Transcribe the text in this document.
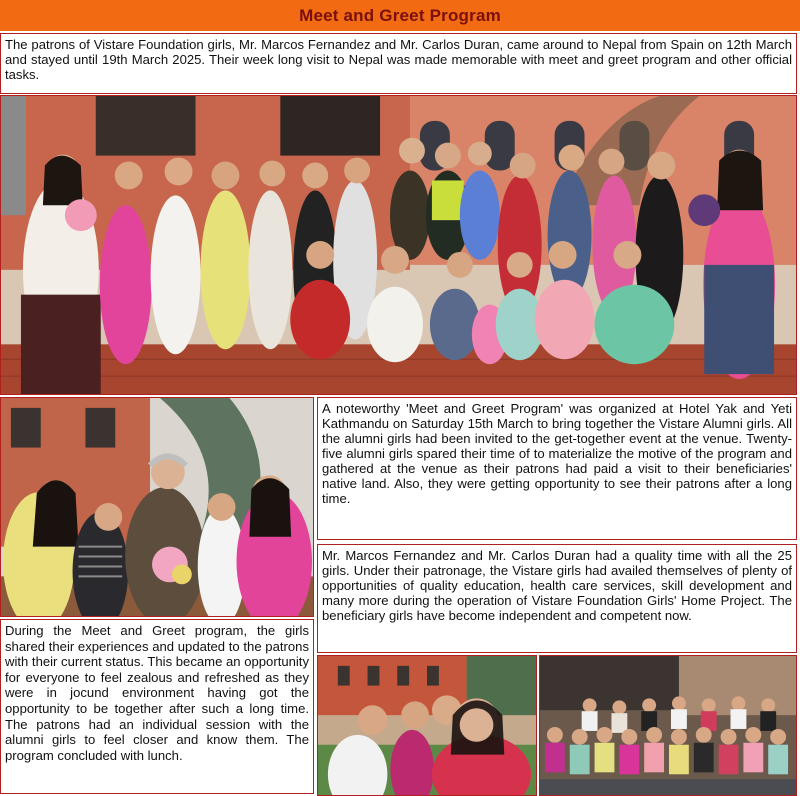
Meet and Greet Program
The patrons of Vistare Foundation girls, Mr. Marcos Fernandez and Mr. Carlos Duran, came around to Nepal from Spain on 12th March and stayed until 19th March 2025. Their week long visit to Nepal was made memorable with meet and greet program and other official tasks.
A noteworthy 'Meet and Greet Program' was organized at Hotel Yak and Yeti Kathmandu on Saturday 15th March to bring together the Vistare Alumni girls. All the alumni girls had been invited to the get-together event at the venue. Twenty-five alumni girls spared their time of to materialize the motive of the program and gathered at the venue as their patrons had paid a visit to their beneficiaries' native land. Also, they were getting opportunity to see their patrons after a long time.
Mr. Marcos Fernandez and Mr. Carlos Duran had a quality time with all the 25 girls. Under their patronage, the Vistare girls had availed themselves of plenty of opportunities of quality education, health care services, skill development and many more during the operation of Vistare Foundation Girls' Home Project. The beneficiary girls have become independent and competent now.
During the Meet and Greet program, the girls shared their experiences and updated to the patrons with their current status. This became an opportunity for everyone to feel zealous and refreshed as they were in jocund environment having got the opportunity to be together after such a long time. The patrons had an individual session with the alumni girls to feel closer and know them. The program concluded with lunch.
